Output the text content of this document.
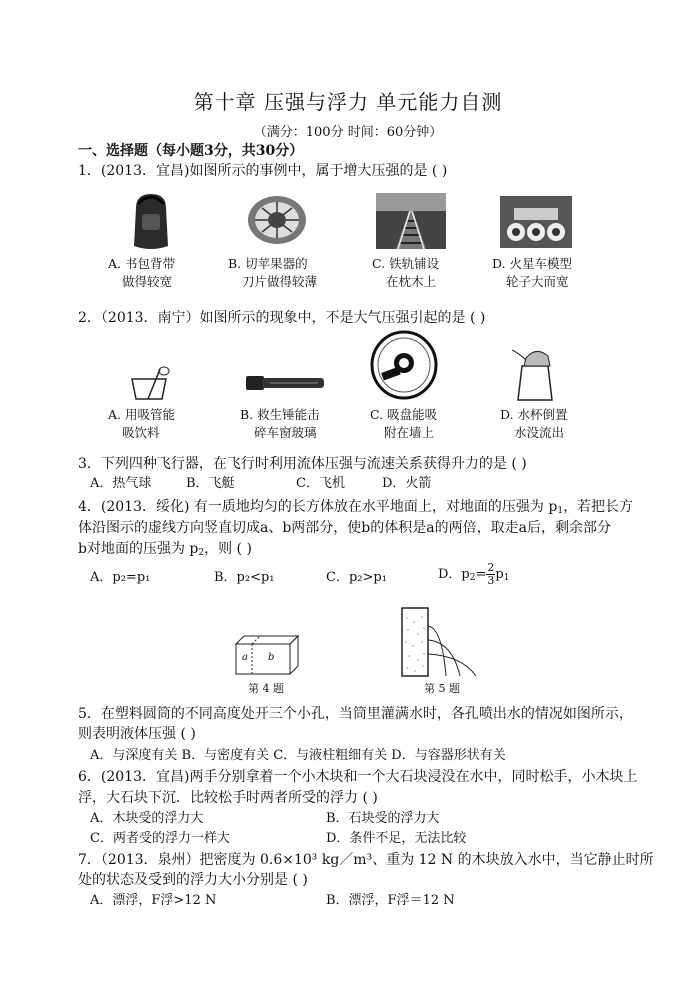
第十章 压强与浮力 单元能力自测
（满分：100分 时间：60分钟）
一、选择题（每小题3分，共30分）
1．(2013．宜昌)如图所示的事例中，属于增大压强的是 ( )
A. 书包背带
做得较宽
B. 切苹果器的
刀片做得较薄
C. 铁轨铺设
在枕木上
D. 火星车模型
轮子大而宽
2．（2013．南宁）如图所示的现象中，不是大气压强引起的是 ( )
A. 用吸管能
吸饮料
B. 救生锤能击
碎车窗玻璃
C. 吸盘能吸
附在墙上
D. 水杯倒置
水没流出
3．下列四种飞行器，在飞行时利用流体压强与流速关系获得升力的是 ( )
A．热气球	B．飞艇	C．飞机	D．火箭
4．(2013．绥化) 有一质地均匀的长方体放在水平地面上，对地面的压强为 $p_1$，若把长方
体沿图示的虚线方向竖直切成a、b两部分，使b的体积是a的两倍，取走a后，剩余部分
b对地面的压强为 $p_2$，则 ( )
A．p₂=p₁	B．p₂<p₁	C．p₂>p₁	D．$p_2= \frac{2}{3} p_1$
a b
第 4 题	第 5 题
5．在塑料圆筒的不同高度处开三个小孔，当筒里灌满水时，各孔喷出水的情况如图所示，
则表明液体压强 ( )
A．与深度有关 B．与密度有关 C．与液柱粗细有关 D．与容器形状有关
6．(2013．宜昌)两手分别拿着一个小木块和一个大石块浸没在水中，同时松手，小木块上
浮，大石块下沉．比较松手时两者所受的浮力 ( )
A．木块受的浮力大	B．石块受的浮力大
C．两者受的浮力一样大	D．条件不足，无法比较
7．（2013．泉州）把密度为 0.6×10³ kg／m³、重为 12 N 的木块放入水中，当它静止时所
处的状态及受到的浮力大小分别是 ( )
A．漂浮，F浮>12 N	B．漂浮，F浮＝12 N
